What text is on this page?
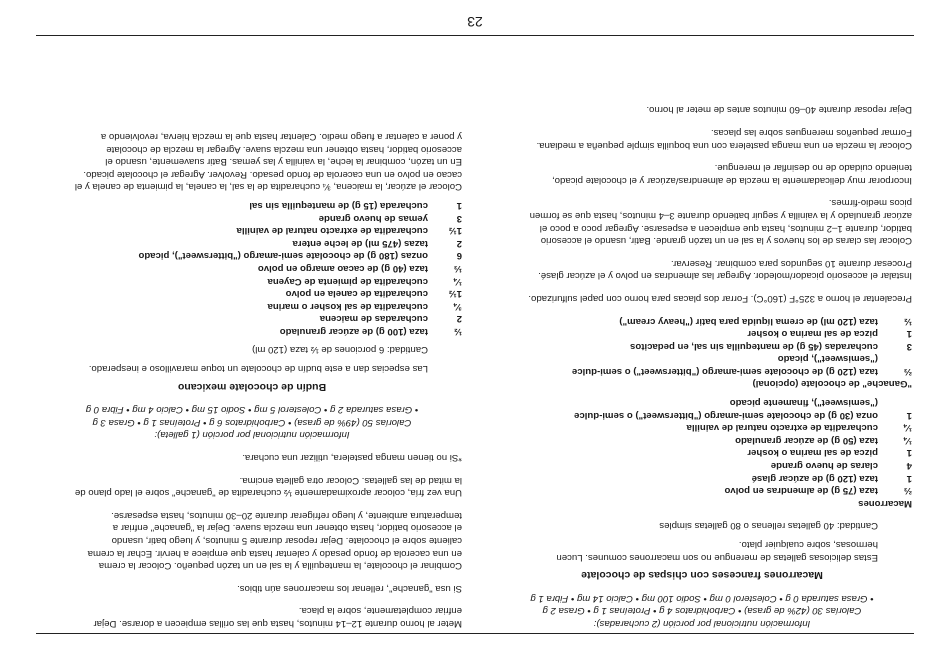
Información nutricional por porción (2 cucharadas):
Calorías 30 (42% de grasa) • Carbohidratos 4 g • Proteínas 1 g • Grasa 2 g
• Grasa saturada 0 g • Colesterol 0 mg • Sodio 100 mg • Calcio 14 mg • Fibra 1 g
Macarrones franceses con chispas de chocolate
Estas deliciosas galletas de merengue no son macarrones comunes. Lucen
hermosas, sobre cualquier plato.
Cantidad: 40 galletas rellenas o 80 galletas simples
Macarrones
⅔
taza (75 g) de almendras en polvo
1
taza (120 g) de azúcar glasé
4
claras de huevo grande
1
pizca de sal marina o kosher
¼
taza (50 g) de azúcar granulado
¼
cucharadita de extracto natural de vainilla
1
onza (30 g) de chocolate semi-amargo ("bittersweet") o semi-dulce
("semisweet"), finamente picado
"Ganache" de chocolate (opcional)
⅔
taza (120 g) de chocolate semi-amargo ("bittersweet") o semi-dulce
("semisweet"), picado
3
cucharadas (45 g) de mantequilla sin sal, en pedacitos
1
pizca de sal marina o kosher
½
taza (120 ml) de crema líquida para batir ("heavy cream")
Precalentar el horno a 325°F (160°C). Forrar dos placas para horno con papel sulfurizado.
Instalar el accesorio picador/moledor. Agregar las almendras en polvo y el azúcar glasé.
Procesar durante 10 segundos para combinar. Reservar.
Colocar las claras de los huevos y la sal en un tazón grande. Batir, usando el accesorio
batidor, durante 1–2 minutos, hasta que empiecen a espesarse. Agregar poco a poco el
azúcar granulado y la vainilla y seguir batiendo durante 3–4 minutos, hasta que se formen
picos medio-firmes.
Incorporar muy delicadamente la mezcla de almendras/azúcar y el chocolate picado,
teniendo cuidado de no desinflar el merengue.
Colocar la mezcla en una manga pastelera con una boquilla simple pequeña a mediana.
Formar pequeños merengues sobre las placas.
Dejar reposar durante 40–60 minutos antes de meter al horno.
Meter al horno durante 12–14 minutos, hasta que las orillas empiecen a dorarse. Dejar
enfriar completamente, sobre la placa.
Si usa "ganache", rellenar los macarrones aún tibios.
Combinar el chocolate, la mantequilla y la sal en un tazón pequeño. Colocar la crema
en una cacerola de fondo pesado y calentar hasta que empiece a hervir. Echar la crema
caliente sobre el chocolate. Dejar reposar durante 5 minutos, y luego batir, usando
el accesorio batidor, hasta obtener una mezcla suave. Dejar la "ganache" enfriar a
temperatura ambiente, y luego refrigerar durante 20–30 minutos, hasta espesarse.
Una vez fría, colocar aproximadamente ½ cucharadita de "ganache" sobre el lado plano de
la mitad de las galletas. Colocar otra galleta encima.
*Si no tienen manga pastelera, utilizar una cuchara.
Información nutricional por porción (1 galleta):
Calorías 50 (49% de grasa) • Carbohidratos 6 g • Proteínas 1 g • Grasa 3 g
• Grasa saturada 2 g • Colesterol 5 mg • Sodio 15 mg • Calcio 4 mg • Fibra 0 g
Budín de chocolate mexicano
Las especias dan a este budín de chocolate un toque maravilloso e inesperado.
Cantidad: 6 porciones de ½ taza (120 ml)
½
taza (100 g) de azúcar granulado
2
cucharadas de maicena
¾
cucharadita de sal kosher o marina
1½
cucharadita de canela en polvo
¼
cucharadita de pimienta de Cayena
⅓
taza (40 g) de cacao amargo en polvo
6
onzas (180 g) de chocolate semi-amargo ("bittersweet"), picado
2
tazas (475 ml) de leche entera
1½
cucharadita de extracto natural de vainilla
3
yemas de huevo grande
1
cucharada (15 g) de mantequilla sin sal
Colocar el azúcar, la maicena, ¾ cucharadita de la sal, la canela, la pimienta de canela y el
cacao en polvo en una cacerola de fondo pesado. Revolver. Agregar el chocolate picado.
En un tazón, combinar la leche, la vainilla y las yemas. Batir suavemente, usando el
accesorio batidor, hasta obtener una mezcla suave. Agregar la mezcla de chocolate
y poner a calentar a fuego medio. Calentar hasta que la mezcla hierva, revolviendo a
23
